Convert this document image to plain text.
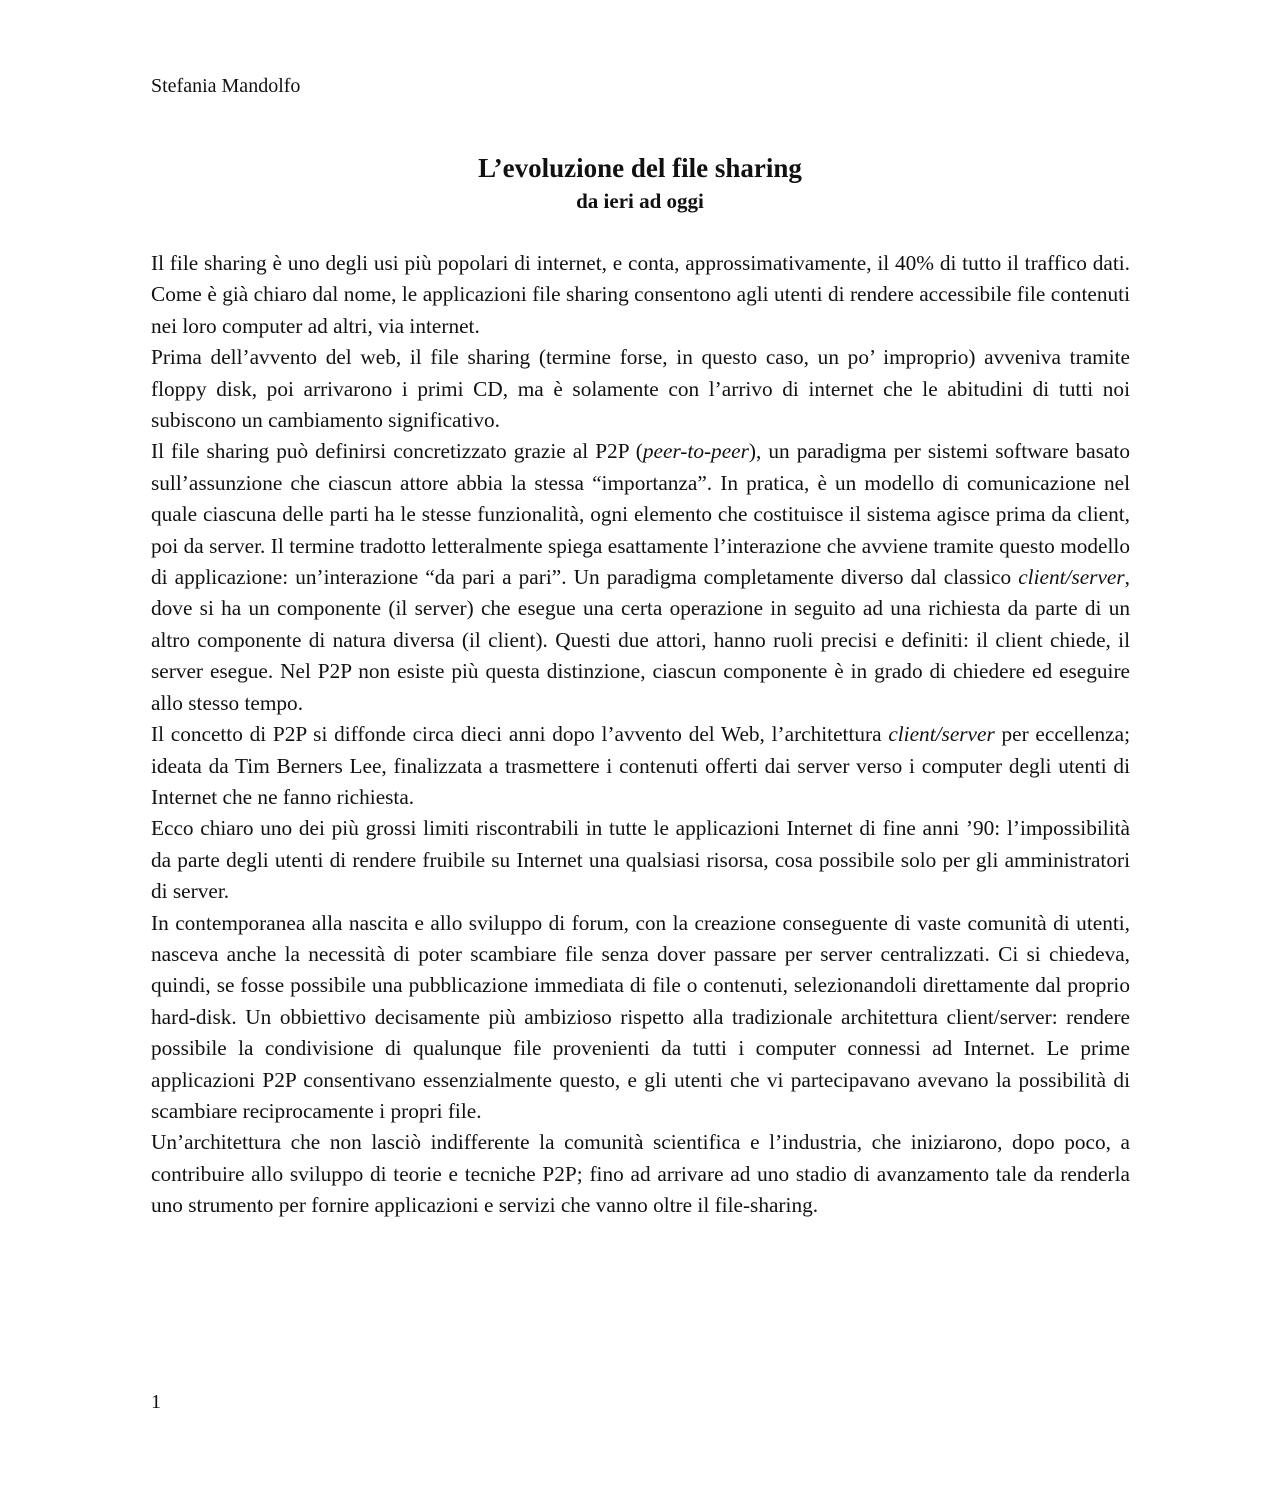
Stefania Mandolfo
L’evoluzione del file sharing
da ieri ad oggi

Il file sharing è uno degli usi più popolari di internet, e conta, approssimativamente, il 40% di tutto il traffico dati. Come è già chiaro dal nome, le applicazioni file sharing consentono agli utenti di rendere accessibile file contenuti nei loro computer ad altri, via internet.

Prima dell’avvento del web, il file sharing (termine forse, in questo caso, un po’ improprio) avveniva tramite floppy disk, poi arrivarono i primi CD, ma è solamente con l’arrivo di internet che le abitudini di tutti noi subiscono un cambiamento significativo.

Il file sharing può definirsi concretizzato grazie al P2P (peer-to-peer), un paradigma per sistemi software basato sull’assunzione che ciascun attore abbia la stessa “importanza”. In pratica, è un modello di comunicazione nel quale ciascuna delle parti ha le stesse funzionalità, ogni elemento che costituisce il sistema agisce prima da client, poi da server. Il termine tradotto letteralmente spiega esattamente l’interazione che avviene tramite questo modello di applicazione: un’interazione “da pari a pari”. Un paradigma completamente diverso dal classico client/server, dove si ha un componente (il server) che esegue una certa operazione in seguito ad una richiesta da parte di un altro componente di natura diversa (il client). Questi due attori, hanno ruoli precisi e definiti: il client chiede, il server esegue. Nel P2P non esiste più questa distinzione, ciascun componente è in grado di chiedere ed eseguire allo stesso tempo.

Il concetto di P2P si diffonde circa dieci anni dopo l’avvento del Web, l’architettura client/server per eccellenza; ideata da Tim Berners Lee, finalizzata a trasmettere i contenuti offerti dai server verso i computer degli utenti di Internet che ne fanno richiesta.

Ecco chiaro uno dei più grossi limiti riscontrabili in tutte le applicazioni Internet di fine anni ’90: l’impossibilità da parte degli utenti di rendere fruibile su Internet una qualsiasi risorsa, cosa possibile solo per gli amministratori di server.

In contemporanea alla nascita e allo sviluppo di forum, con la creazione conseguente di vaste comunità di utenti, nasceva anche la necessità di poter scambiare file senza dover passare per server centralizzati. Ci si chiedeva, quindi, se fosse possibile una pubblicazione immediata di file o contenuti, selezionandoli direttamente dal proprio hard-disk. Un obbiettivo decisamente più ambizioso rispetto alla tradizionale architettura client/server: rendere possibile la condivisione di qualunque file provenienti da tutti i computer connessi ad Internet. Le prime applicazioni P2P consentivano essenzialmente questo, e gli utenti che vi partecipavano avevano la possibilità di scambiare reciprocamente i propri file.

Un’architettura che non lasciò indifferente la comunità scientifica e l’industria, che iniziarono, dopo poco, a contribuire allo sviluppo di teorie e tecniche P2P; fino ad arrivare ad uno stadio di avanzamento tale da renderla uno strumento per fornire applicazioni e servizi che vanno oltre il file-sharing.

1
